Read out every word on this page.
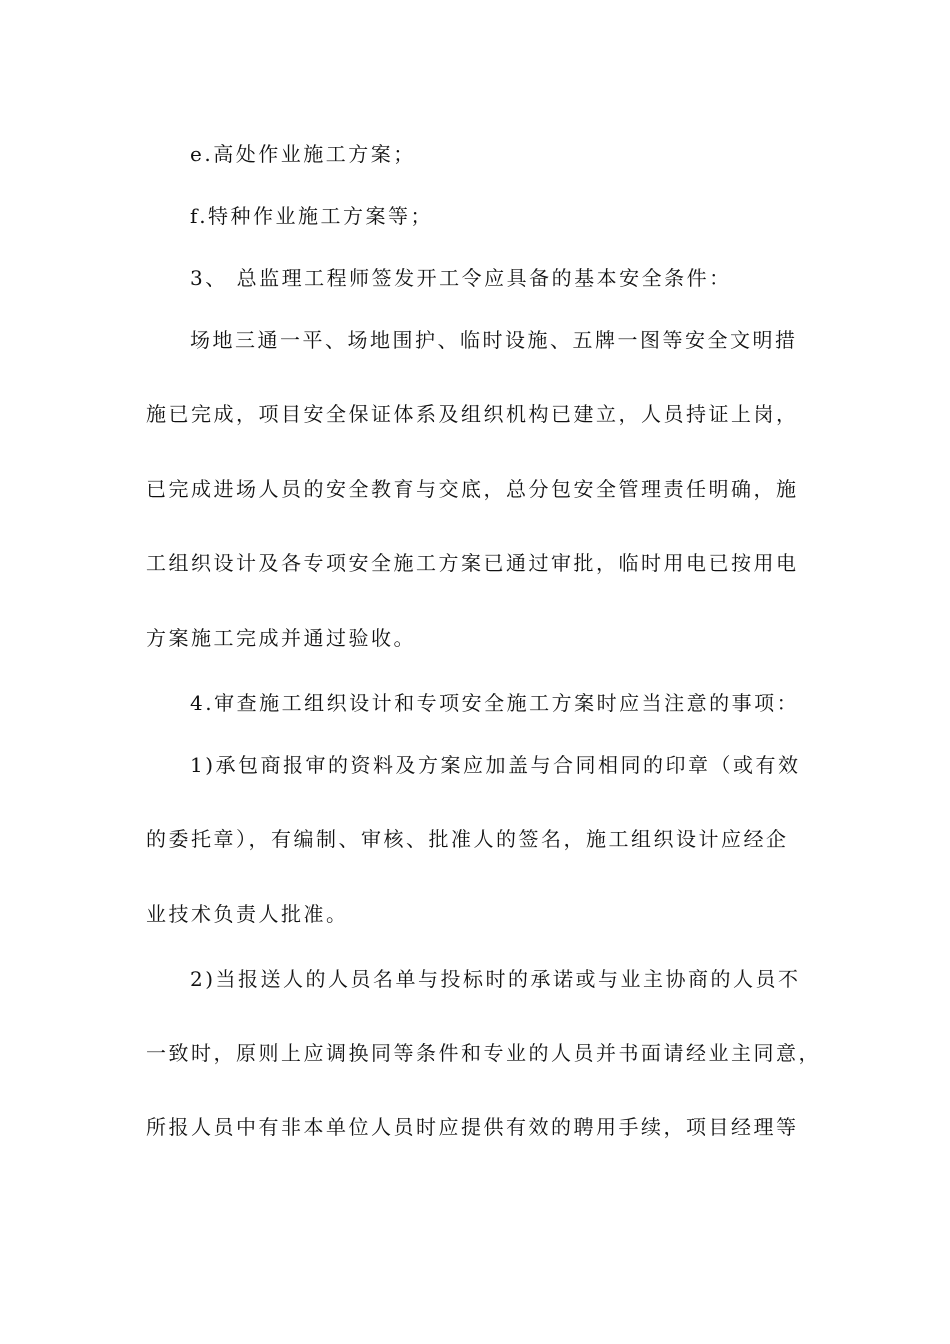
e.高处作业施工方案；
f.特种作业施工方案等；
3、 总监理工程师签发开工令应具备的基本安全条件：
场地三通一平、场地围护、临时设施、五牌一图等安全文明措
施已完成，项目安全保证体系及组织机构已建立，人员持证上岗，
已完成进场人员的安全教育与交底，总分包安全管理责任明确，施
工组织设计及各专项安全施工方案已通过审批，临时用电已按用电
方案施工完成并通过验收。
4.审查施工组织设计和专项安全施工方案时应当注意的事项：
1)承包商报审的资料及方案应加盖与合同相同的印章（或有效
的委托章），有编制、审核、批准人的签名，施工组织设计应经企
业技术负责人批准。
2)当报送人的人员名单与投标时的承诺或与业主协商的人员不
一致时，原则上应调换同等条件和专业的人员并书面请经业主同意，
所报人员中有非本单位人员时应提供有效的聘用手续，项目经理等
